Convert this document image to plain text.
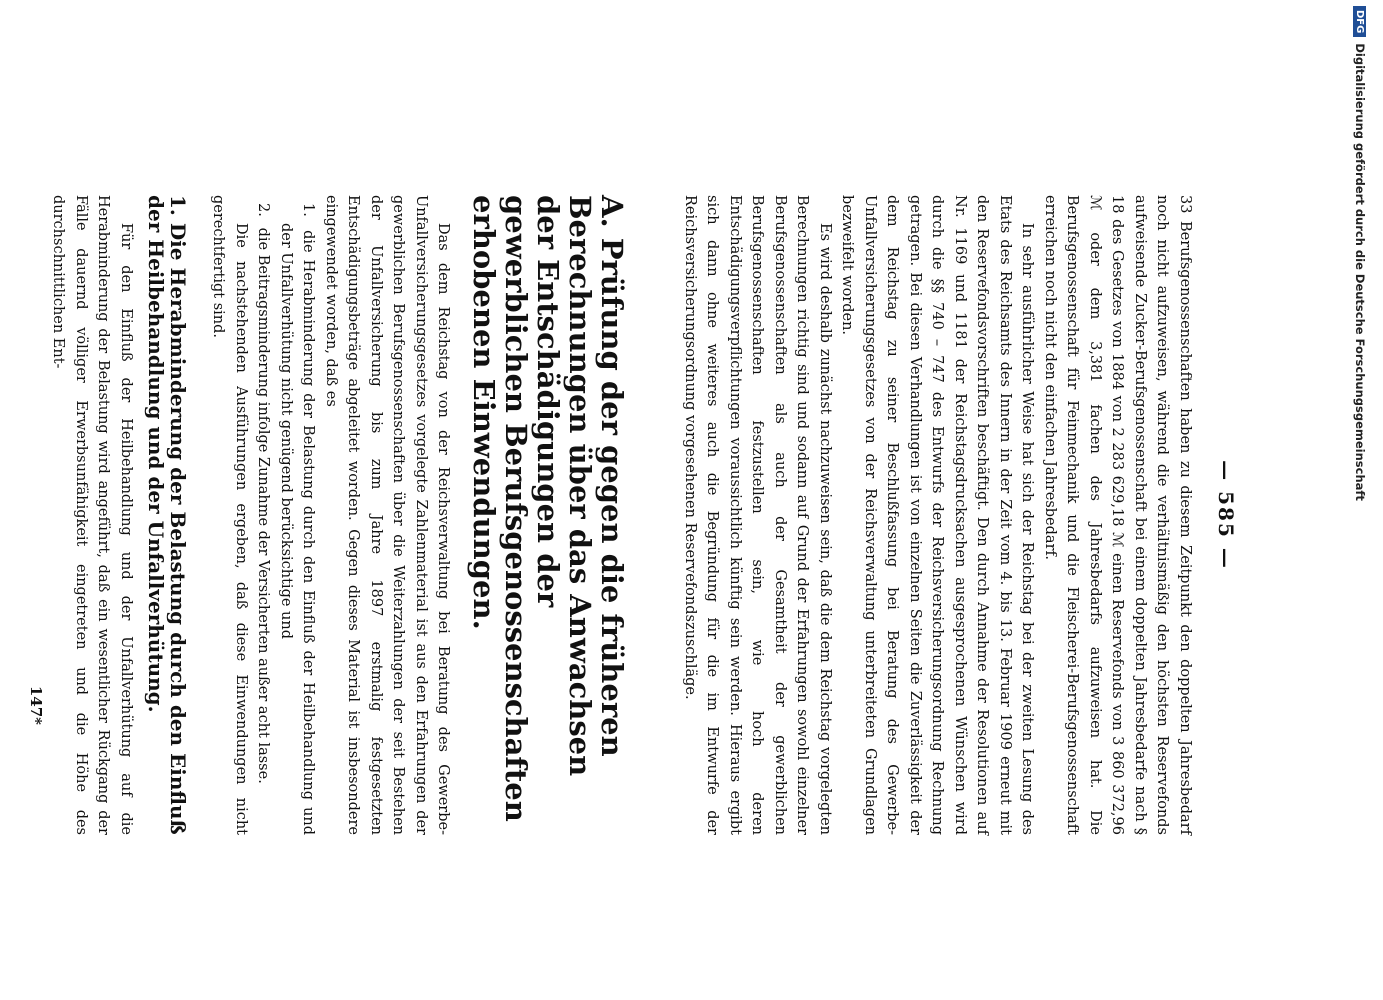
— 585 —

33 Berufsgenossenschaften haben zu diesem Zeitpunkt den doppelten Jahresbedarf noch nicht aufzuweisen, während die verhältnismäßig den höchsten Reservefonds aufweisende Zucker-Berufsgenossenschaft bei einem doppelten Jahresbedarfe nach § 18 des Gesetzes von 1884 von 2 283 629,18 ℳ einen Reservefonds von 3 860 372,96 ℳ oder dem 3,381 fachen des Jahresbedarfs aufzuweisen hat. Die Berufsgenossenschaft für Feinmechanik und die Fleischerei-Berufsgenossenschaft erreichen noch nicht den einfachen Jahresbedarf.

In sehr ausführlicher Weise hat sich der Reichstag bei der zweiten Lesung des Etats des Reichsamts des Innern in der Zeit vom 4. bis 13. Februar 1909 erneut mit den Reservefondsvorschriften beschäftigt. Den durch Annahme der Resolutionen auf Nr. 1169 und 1181 der Reichstagsdrucksachen ausgesprochenen Wünschen wird durch die §§ 740 – 747 des Entwurfs der Reichsversicherungsordnung Rechnung getragen. Bei diesen Verhandlungen ist von einzelnen Seiten die Zuverlässigkeit der dem Reichstag zu seiner Beschlußfassung bei Beratung des Gewerbe-Unfallversicherungsgesetzes von der Reichsverwaltung unterbreiteten Grundlagen bezweifelt worden.

Es wird deshalb zunächst nachzuweisen sein, daß die dem Reichstag vorgelegten Berechnungen richtig sind und sodann auf Grund der Erfahrungen sowohl einzelner Berufsgenossenschaften als auch der Gesamtheit der gewerblichen Berufsgenossenschaften festzustellen sein, wie hoch deren Entschädigungsverpflichtungen voraussichtlich künftig sein werden. Hieraus ergibt sich dann ohne weiteres auch die Begründung für die im Entwurfe der Reichsversicherungsordnung vorgesehenen Reservefondszuschläge.

A. Prüfung der gegen die früheren Berechnungen über das Anwachsen der Entschädigungen der gewerblichen Berufsgenossenschaften erhobenen Einwendungen.

Das dem Reichstag von der Reichsverwaltung bei Beratung des Gewerbe-Unfallversicherungsgesetzes vorgelegte Zahlenmaterial ist aus den Erfahrungen der gewerblichen Berufsgenossenschaften über die Weiterzahlungen der seit Bestehen der Unfallversicherung bis zum Jahre 1897 erstmalig festgesetzten Entschädigungsbeträge abgeleitet worden. Gegen dieses Material ist insbesondere eingewendet worden, daß es

1. die Herabminderung der Belastung durch den Einfluß der Heilbehandlung und der Unfallverhütung nicht genügend berücksichtige und

2. die Beitragsminderung infolge Zunahme der Versicherten außer acht lasse.

Die nachstehenden Ausführungen ergeben, daß diese Einwendungen nicht gerechtfertigt sind.

1. Die Herabminderung der Belastung durch den Einfluß der Heilbehandlung und der Unfallverhütung.

Für den Einfluß der Heilbehandlung und der Unfallverhütung auf die Herabminderung der Belastung wird angeführt, daß ein wesentlicher Rückgang der Fälle dauernd völliger Erwerbsunfähigkeit eingetreten und die Höhe des durchschnittlichen Ent-

147*
DFG
Digitalisierung gefördert durch die Deutsche Forschungsgemeinschaft
